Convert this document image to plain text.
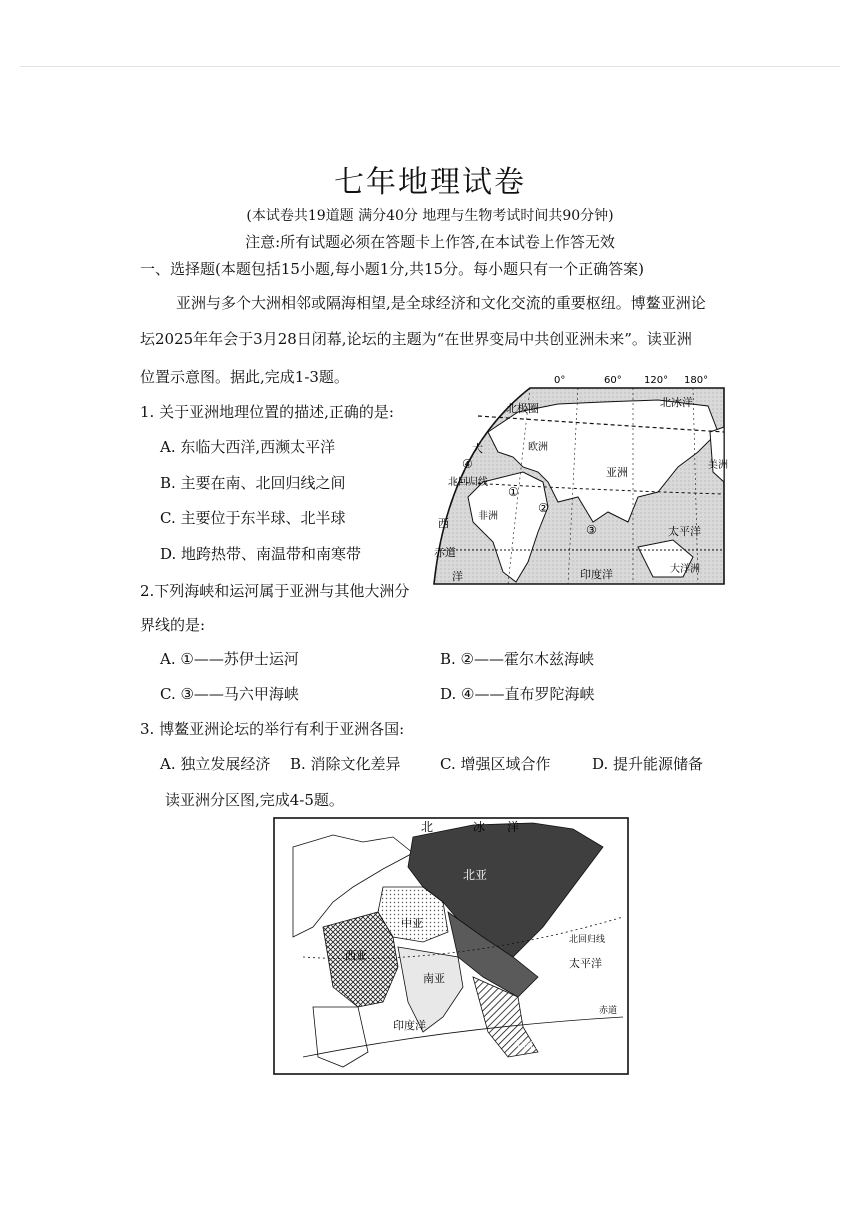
七年地理试卷
(本试卷共19道题 满分40分 地理与生物考试时间共90分钟)
注意:所有试题必须在答题卡上作答,在本试卷上作答无效
一、选择题(本题包括15小题,每小题1分,共15分。每小题只有一个正确答案)
亚洲与多个大洲相邻或隔海相望,是全球经济和文化交流的重要枢纽。博鳌亚洲论
坛2025年年会于3月28日闭幕,论坛的主题为“在世界变局中共创亚洲未来”。读亚洲
位置示意图。据此,完成1-3题。
1. 关于亚洲地理位置的描述,正确的是:
A. 东临大西洋,西濒太平洋
B. 主要在南、北回归线之间
C. 主要位于东半球、北半球
D. 地跨热带、南温带和南寒带
2.下列海峡和运河属于亚洲与其他大洲分
界线的是:
A. ①——苏伊士运河	B. ②——霍尔木兹海峡
C. ③——马六甲海峡	D. ④——直布罗陀海峡
3. 博鳌亚洲论坛的举行有利于亚洲各国:
A. 独立发展经济 B. 消除文化差异	C. 增强区域合作	D. 提升能源储备
读亚洲分区图,完成4-5题。
0°	60° 120° 180°
北极圈	北冰洋
欧洲
亚洲
非洲
北回归线
太平洋
印度洋	大洋洲
赤道
大
西
洋
美洲
①
②
③
④
北	冰 洋
北亚
中亚
西亚
南亚
太平洋
印度洋
北回归线
东南亚
赤道
